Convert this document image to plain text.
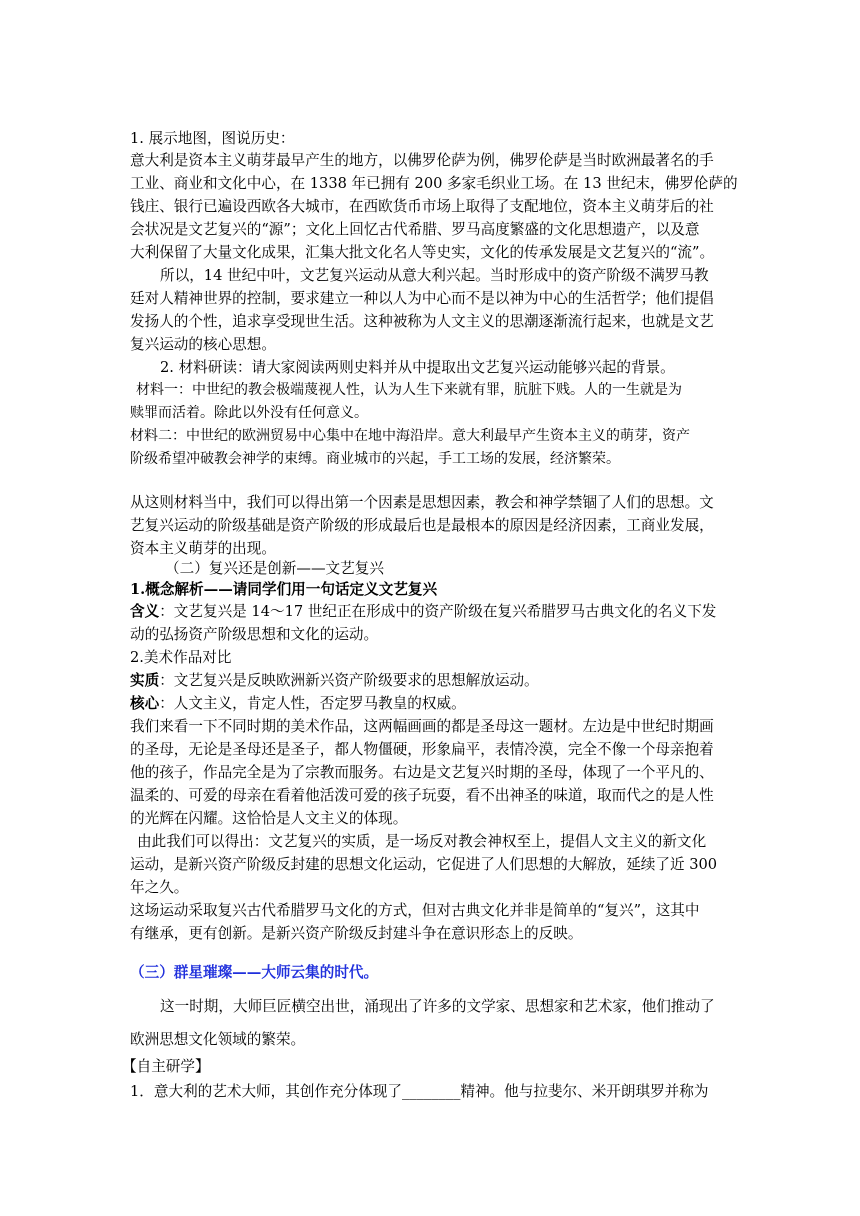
1. 展示地图，图说历史：
意大利是资本主义萌芽最早产生的地方，以佛罗伦萨为例，佛罗伦萨是当时欧洲最著名的手
工业、商业和文化中心，在 1338 年已拥有 200 多家毛织业工场。在 13 世纪末，佛罗伦萨的
钱庄、银行已遍设西欧各大城市，在西欧货币市场上取得了支配地位，资本主义萌芽后的社
会状况是文艺复兴的“源”；文化上回忆古代希腊、罗马高度繁盛的文化思想遗产，以及意
大利保留了大量文化成果，汇集大批文化名人等史实，文化的传承发展是文艺复兴的“流”。
所以，14 世纪中叶，文艺复兴运动从意大利兴起。当时形成中的资产阶级不满罗马教
廷对人精神世界的控制，要求建立一种以人为中心而不是以神为中心的生活哲学；他们提倡
发扬人的个性，追求享受现世生活。这种被称为人文主义的思潮逐渐流行起来，也就是文艺
复兴运动的核心思想。
2. 材料研读：请大家阅读两则史料并从中提取出文艺复兴运动能够兴起的背景。
材料一：中世纪的教会极端蔑视人性，认为人生下来就有罪，肮脏下贱。人的一生就是为
赎罪而活着。除此以外没有任何意义。
材料二：中世纪的欧洲贸易中心集中在地中海沿岸。意大利最早产生资本主义的萌芽，资产
阶级希望冲破教会神学的束缚。商业城市的兴起，手工工场的发展，经济繁荣。
从这则材料当中，我们可以得出第一个因素是思想因素，教会和神学禁锢了人们的思想。文
艺复兴运动的阶级基础是资产阶级的形成最后也是最根本的原因是经济因素，工商业发展，
资本主义萌芽的出现。
（二）复兴还是创新——文艺复兴
1.概念解析——请同学们用一句话定义文艺复兴
含义：文艺复兴是 14～17 世纪正在形成中的资产阶级在复兴希腊罗马古典文化的名义下发
动的弘扬资产阶级思想和文化的运动。
2.美术作品对比
实质：文艺复兴是反映欧洲新兴资产阶级要求的思想解放运动。
核心：人文主义，肯定人性，否定罗马教皇的权威。
我们来看一下不同时期的美术作品，这两幅画画的都是圣母这一题材。左边是中世纪时期画
的圣母，无论是圣母还是圣子，都人物僵硬，形象扁平，表情冷漠，完全不像一个母亲抱着
他的孩子，作品完全是为了宗教而服务。右边是文艺复兴时期的圣母，体现了一个平凡的、
温柔的、可爱的母亲在看着他活泼可爱的孩子玩耍，看不出神圣的味道，取而代之的是人性
的光辉在闪耀。这恰恰是人文主义的体现。
由此我们可以得出：文艺复兴的实质，是一场反对教会神权至上，提倡人文主义的新文化
运动，是新兴资产阶级反封建的思想文化运动，它促进了人们思想的大解放，延续了近 300
年之久。
这场运动采取复兴古代希腊罗马文化的方式，但对古典文化并非是简单的“复兴”，这其中
有继承，更有创新。是新兴资产阶级反封建斗争在意识形态上的反映。
（三）群星璀璨——大师云集的时代。
这一时期，大师巨匠横空出世，涌现出了许多的文学家、思想家和艺术家，他们推动了
欧洲思想文化领域的繁荣。
【自主研学】
1．意大利的艺术大师，其创作充分体现了________精神。他与拉斐尔、米开朗琪罗并称为
